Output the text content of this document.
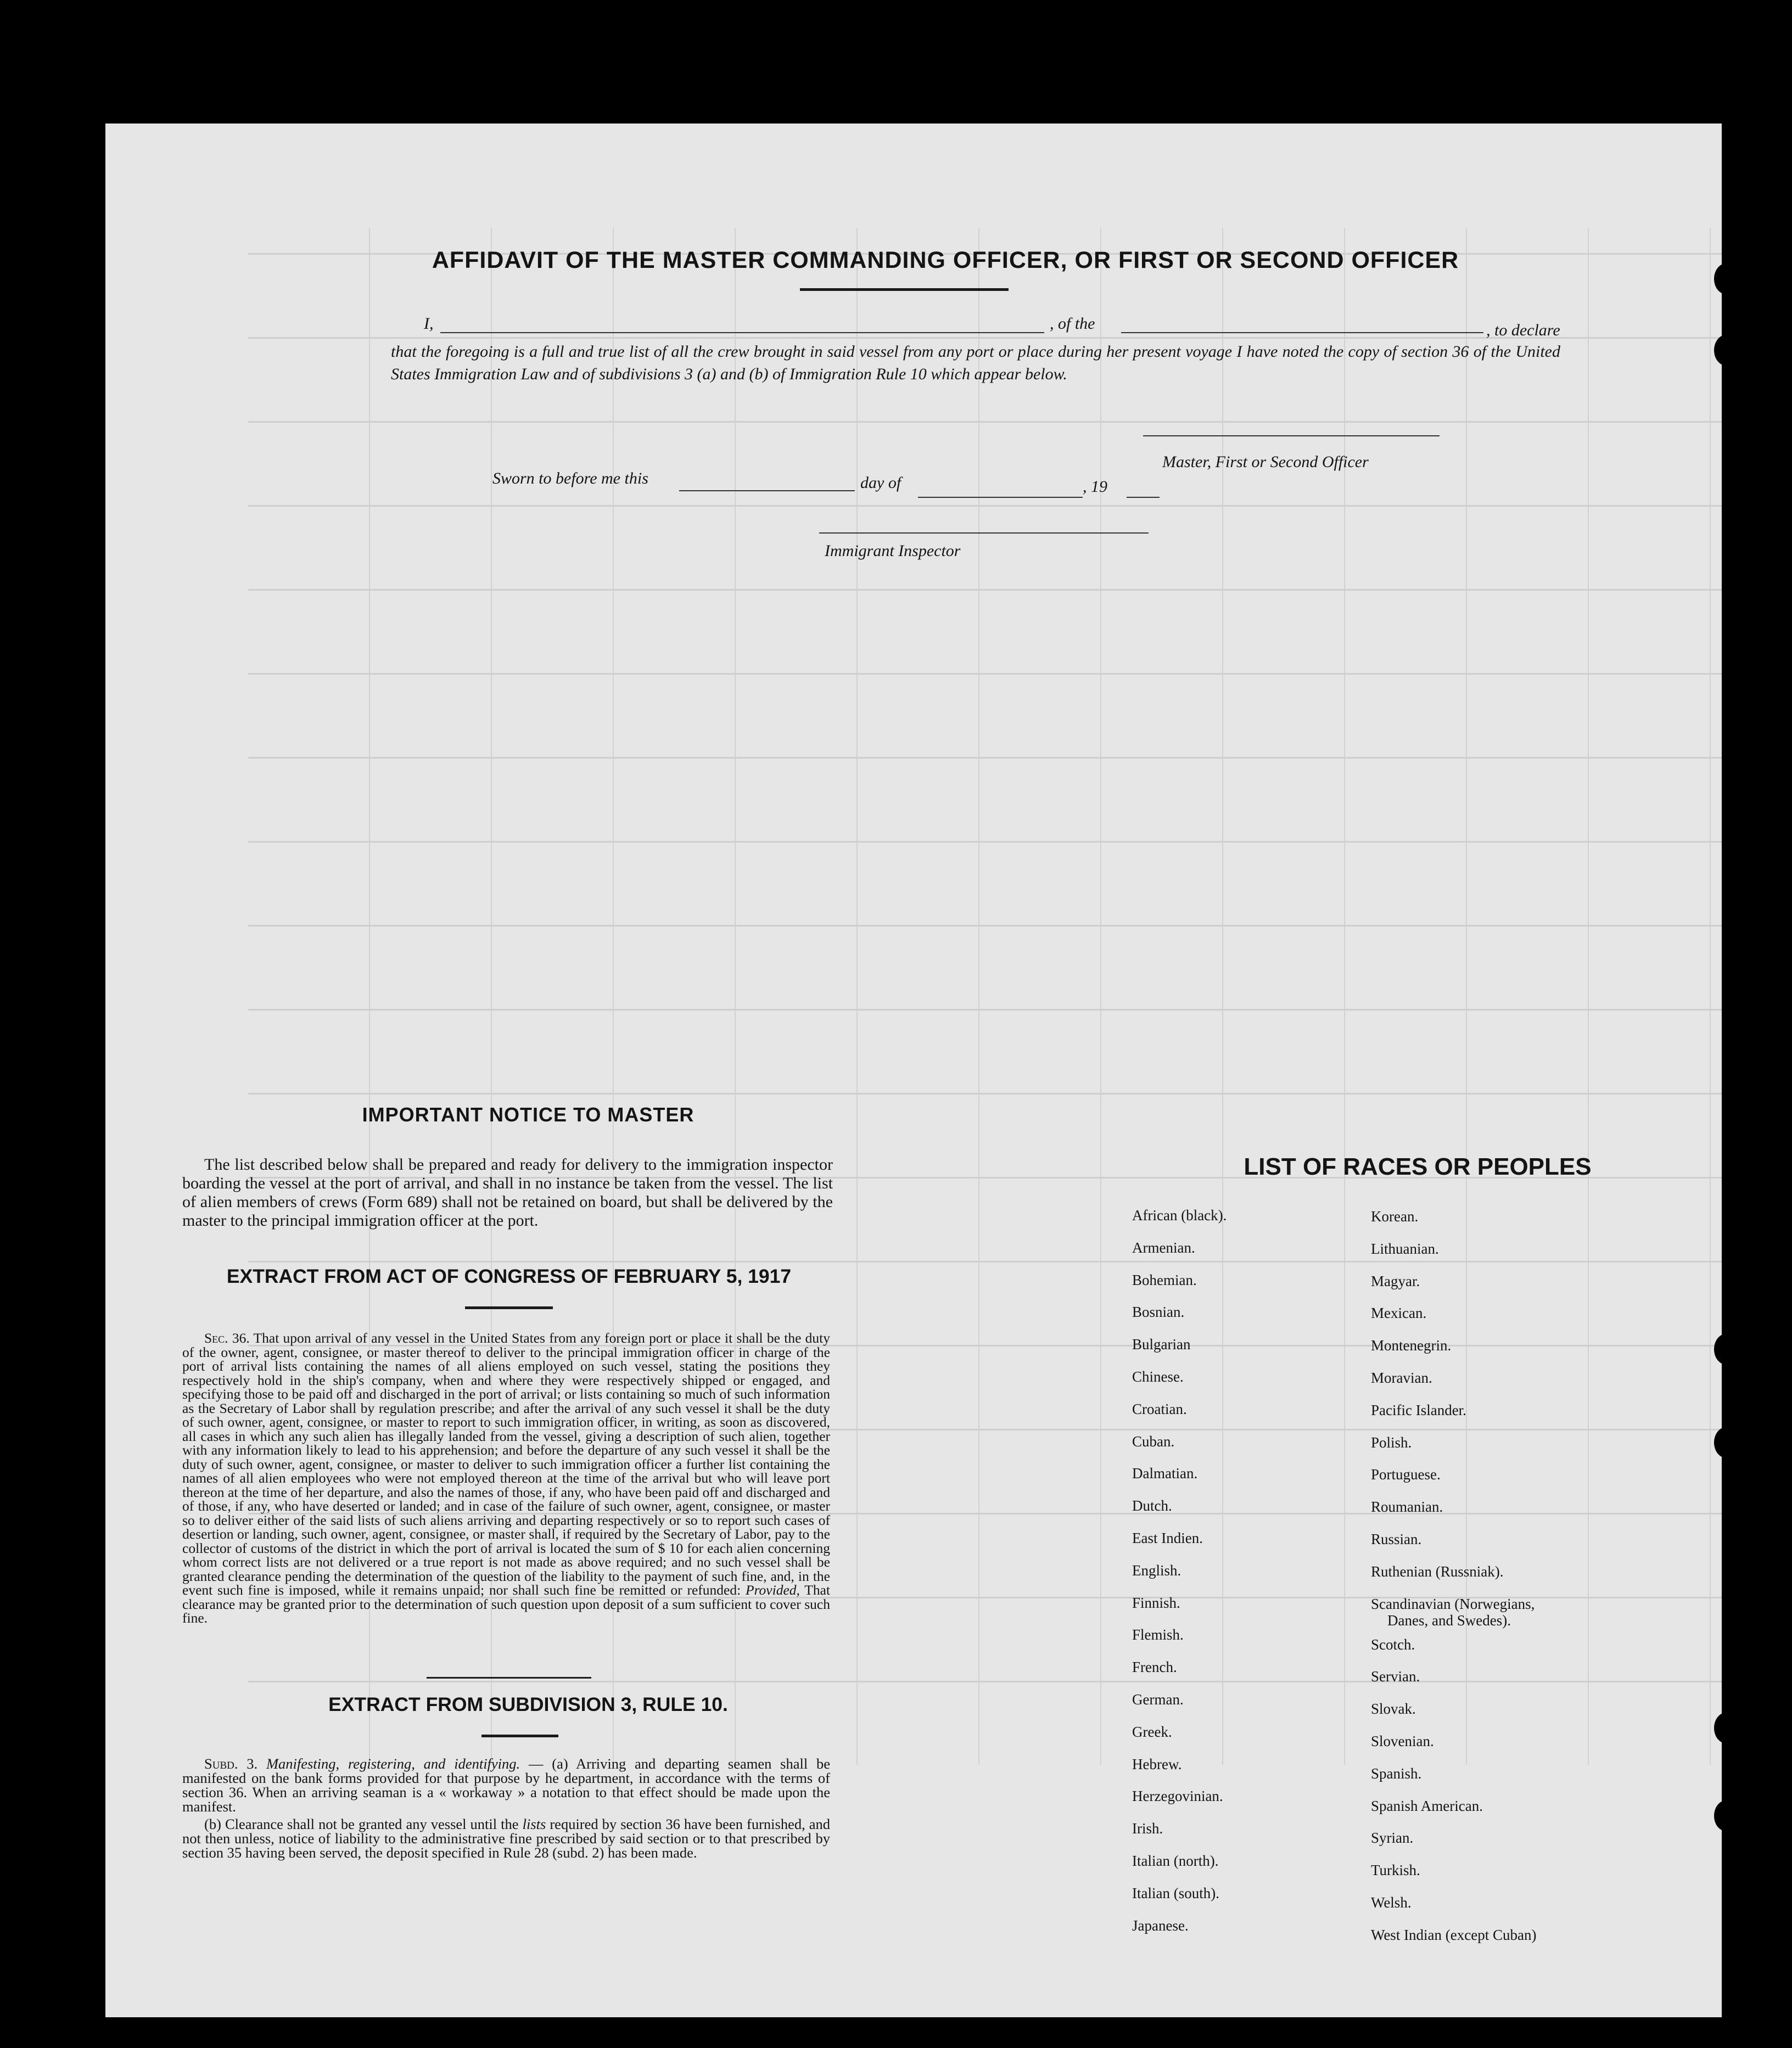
AFFIDAVIT OF THE MASTER COMMANDING OFFICER, OR FIRST OR SECOND OFFICER
I,	, of the	, to declare
that the foregoing is a full and true list of all the crew brought in said vessel from any port or place during her present voyage I have noted the copy of section 36 of the United States Immigration Law and of subdivisions 3 (a) and (b) of Immigration Rule 10 which appear below.
Master, First or Second Officer
Sworn to before me this	day of	, 19
Immigrant Inspector
IMPORTANT NOTICE TO MASTER
The list described below shall be prepared and ready for delivery to the immigration inspector boarding the vessel at the port of arrival, and shall in no instance be taken from the vessel. The list of alien members of crews (Form 689) shall not be retained on board, but shall be delivered by the master to the principal immigration officer at the port.
EXTRACT FROM ACT OF CONGRESS OF FEBRUARY 5, 1917
Sec. 36. That upon arrival of any vessel in the United States from any foreign port or place it shall be the duty of the owner, agent, consignee, or master thereof to deliver to the principal immigration officer in charge of the port of arrival lists containing the names of all aliens employed on such vessel, stating the positions they respectively hold in the ship's company, when and where they were respectively shipped or engaged, and specifying those to be paid off and discharged in the port of arrival; or lists containing so much of such information as the Secretary of Labor shall by regulation prescribe; and after the arrival of any such vessel it shall be the duty of such owner, agent, consignee, or master to report to such immigration officer, in writing, as soon as discovered, all cases in which any such alien has illegally landed from the vessel, giving a description of such alien, together with any information likely to lead to his apprehension; and before the departure of any such vessel it shall be the duty of such owner, agent, consignee, or master to deliver to such immigration officer a further list containing the names of all alien employees who were not employed thereon at the time of the arrival but who will leave port thereon at the time of her departure, and also the names of those, if any, who have been paid off and discharged and of those, if any, who have deserted or landed; and in case of the failure of such owner, agent, consignee, or master so to deliver either of the said lists of such aliens arriving and departing respectively or so to report such cases of desertion or landing, such owner, agent, consignee, or master shall, if required by the Secretary of Labor, pay to the collector of customs of the district in which the port of arrival is located the sum of $ 10 for each alien concerning whom correct lists are not delivered or a true report is not made as above required; and no such vessel shall be granted clearance pending the determination of the question of the liability to the payment of such fine, and, in the event such fine is imposed, while it remains unpaid; nor shall such fine be remitted or refunded: Provided, That clearance may be granted prior to the determination of such question upon deposit of a sum sufficient to cover such fine.
EXTRACT FROM SUBDIVISION 3, RULE 10.
Subd. 3. Manifesting, registering, and identifying. — (a) Arriving and departing seamen shall be manifested on the bank forms provided for that purpose by he department, in accordance with the terms of section 36. When an arriving seaman is a « workaway » a notation to that effect should be made upon the manifest.
(b) Clearance shall not be granted any vessel until the lists required by section 36 have been furnished, and not then unless, notice of liability to the administrative fine prescribed by said section or to that prescribed by section 35 having been served, the deposit specified in Rule 28 (subd. 2) has been made.
LIST OF RACES OR PEOPLES
African (black).
Armenian.
Bohemian.
Bosnian.
Bulgarian
Chinese.
Croatian.
Cuban.
Dalmatian.
Dutch.
East Indien.
English.
Finnish.
Flemish.
French.
German.
Greek.
Hebrew.
Herzegovinian.
Irish.
Italian (north).
Italian (south).
Japanese.
Korean.
Lithuanian.
Magyar.
Mexican.
Montenegrin.
Moravian.
Pacific Islander.
Polish.
Portuguese.
Roumanian.
Russian.
Ruthenian (Russniak).
Scandinavian (Norwegians,
Danes, and Swedes).
Scotch.
Servian.
Slovak.
Slovenian.
Spanish.
Spanish American.
Syrian.
Turkish.
Welsh.
West Indian (except Cuban)
